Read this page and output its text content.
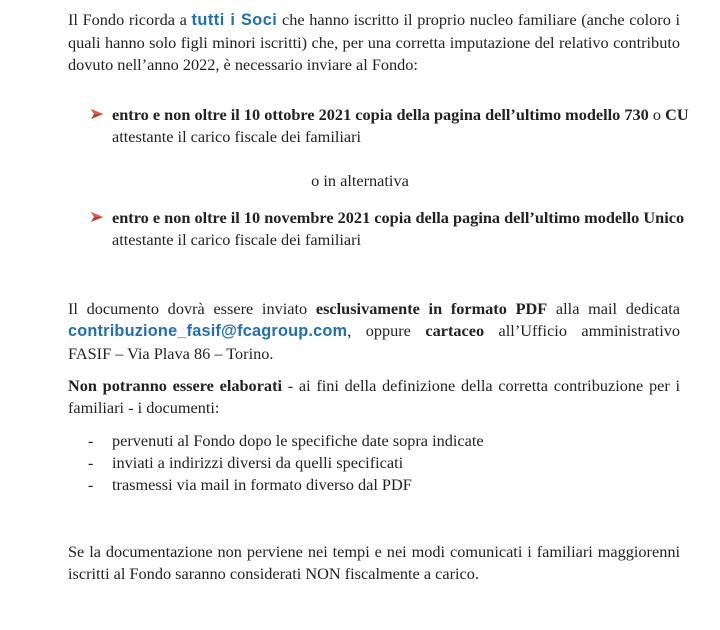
Il Fondo ricorda a tutti i Soci che hanno iscritto il proprio nucleo familiare (anche coloro i quali hanno solo figli minori iscritti) che, per una corretta imputazione del relativo contributo dovuto nell’anno 2022, è necessario inviare al Fondo:

entro e non oltre il 10 ottobre 2021 copia della pagina dell’ultimo modello 730 o CU attestante il carico fiscale dei familiari
o in alternativa
entro e non oltre il 10 novembre 2021 copia della pagina dell’ultimo modello Unico attestante il carico fiscale dei familiari

Il documento dovrà essere inviato esclusivamente in formato PDF alla mail dedicata contribuzione_fasif@fcagroup.com, oppure cartaceo all’Ufficio amministrativo FASIF – Via Plava 86 – Torino.

Non potranno essere elaborati - ai fini della definizione della corretta contribuzione per i familiari - i documenti:

- pervenuti al Fondo dopo le specifiche date sopra indicate
- inviati a indirizzi diversi da quelli specificati
- trasmessi via mail in formato diverso dal PDF

Se la documentazione non perviene nei tempi e nei modi comunicati i familiari maggiorenni iscritti al Fondo saranno considerati NON fiscalmente a carico.
